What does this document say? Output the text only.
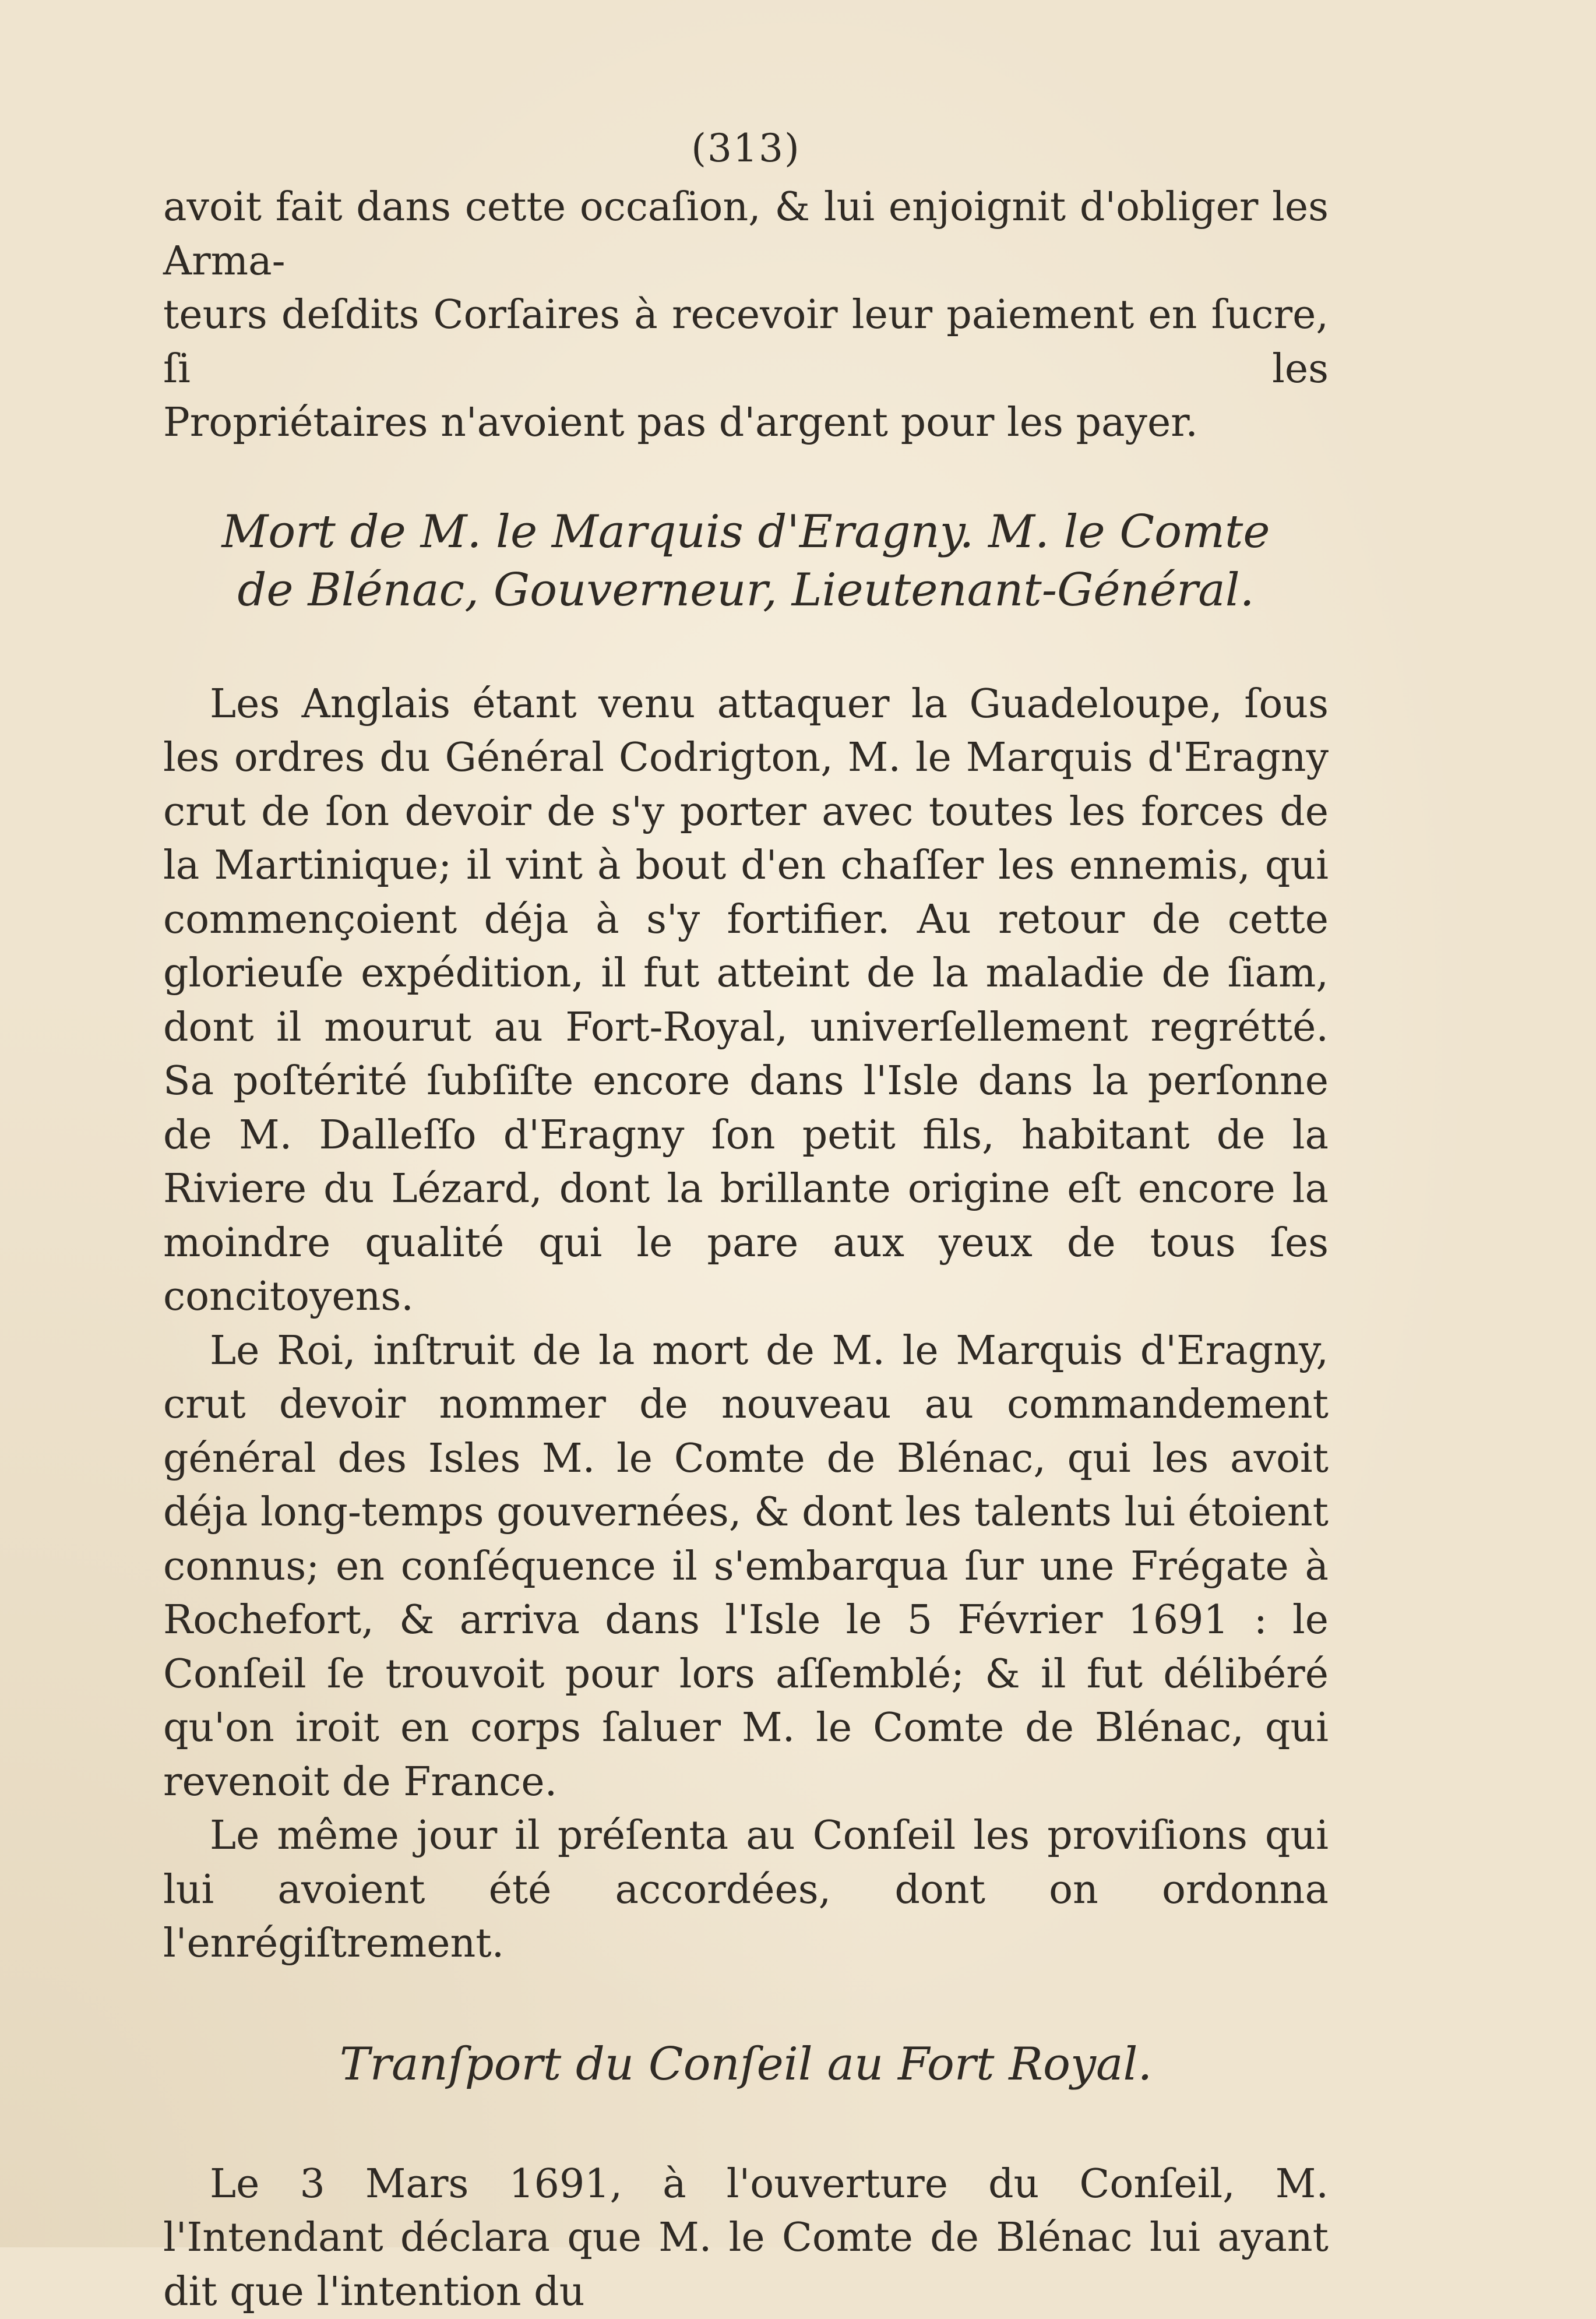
(313)

avoit fait dans cette occaſion, & lui enjoignit d'obliger les Arma-

teurs deſdits Corſaires à recevoir leur paiement en ſucre, ſi les

Propriétaires n'avoient pas d'argent pour les payer.

Mort de M. le Marquis d'Eragny. M. le Comte
de Blénac, Gouverneur, Lieutenant-Général.

Les Anglais étant venu attaquer la Guadeloupe, ſous les ordres du Général Codrigton, M. le Marquis d'Eragny crut de ſon devoir de s'y porter avec toutes les forces de la Martinique; il vint à bout d'en chaſſer les ennemis, qui commençoient déja à s'y fortifier. Au retour de cette glorieuſe expédition, il fut atteint de la maladie de ſiam, dont il mourut au Fort-Royal, univerſellement regrétté. Sa poſtérité ſubſiſte encore dans l'Isle dans la perſonne de M. Dalleſſo d'Eragny ſon petit fils, habitant de la Riviere du Lézard, dont la brillante origine eſt encore la moindre qualité qui le pare aux yeux de tous ſes concitoyens.

Le Roi, inſtruit de la mort de M. le Marquis d'Eragny, crut devoir nommer de nouveau au commandement général des Isles M. le Comte de Blénac, qui les avoit déja long-temps gouvernées, & dont les talents lui étoient connus; en conſéquence il s'embarqua ſur une Frégate à Rochefort, & arriva dans l'Isle le 5 Février 1691 : le Conſeil ſe trouvoit pour lors aſſemblé; & il fut délibéré qu'on iroit en corps ſaluer M. le Comte de Blénac, qui revenoit de France.

Le même jour il préſenta au Conſeil les proviſions qui lui avoient été accordées, dont on ordonna l'enrégiſtrement.

Tranſport du Conſeil au Fort Royal.

Le 3 Mars 1691, à l'ouverture du Conſeil, M. l'Intendant déclara que M. le Comte de Blénac lui ayant dit que l'intention du
